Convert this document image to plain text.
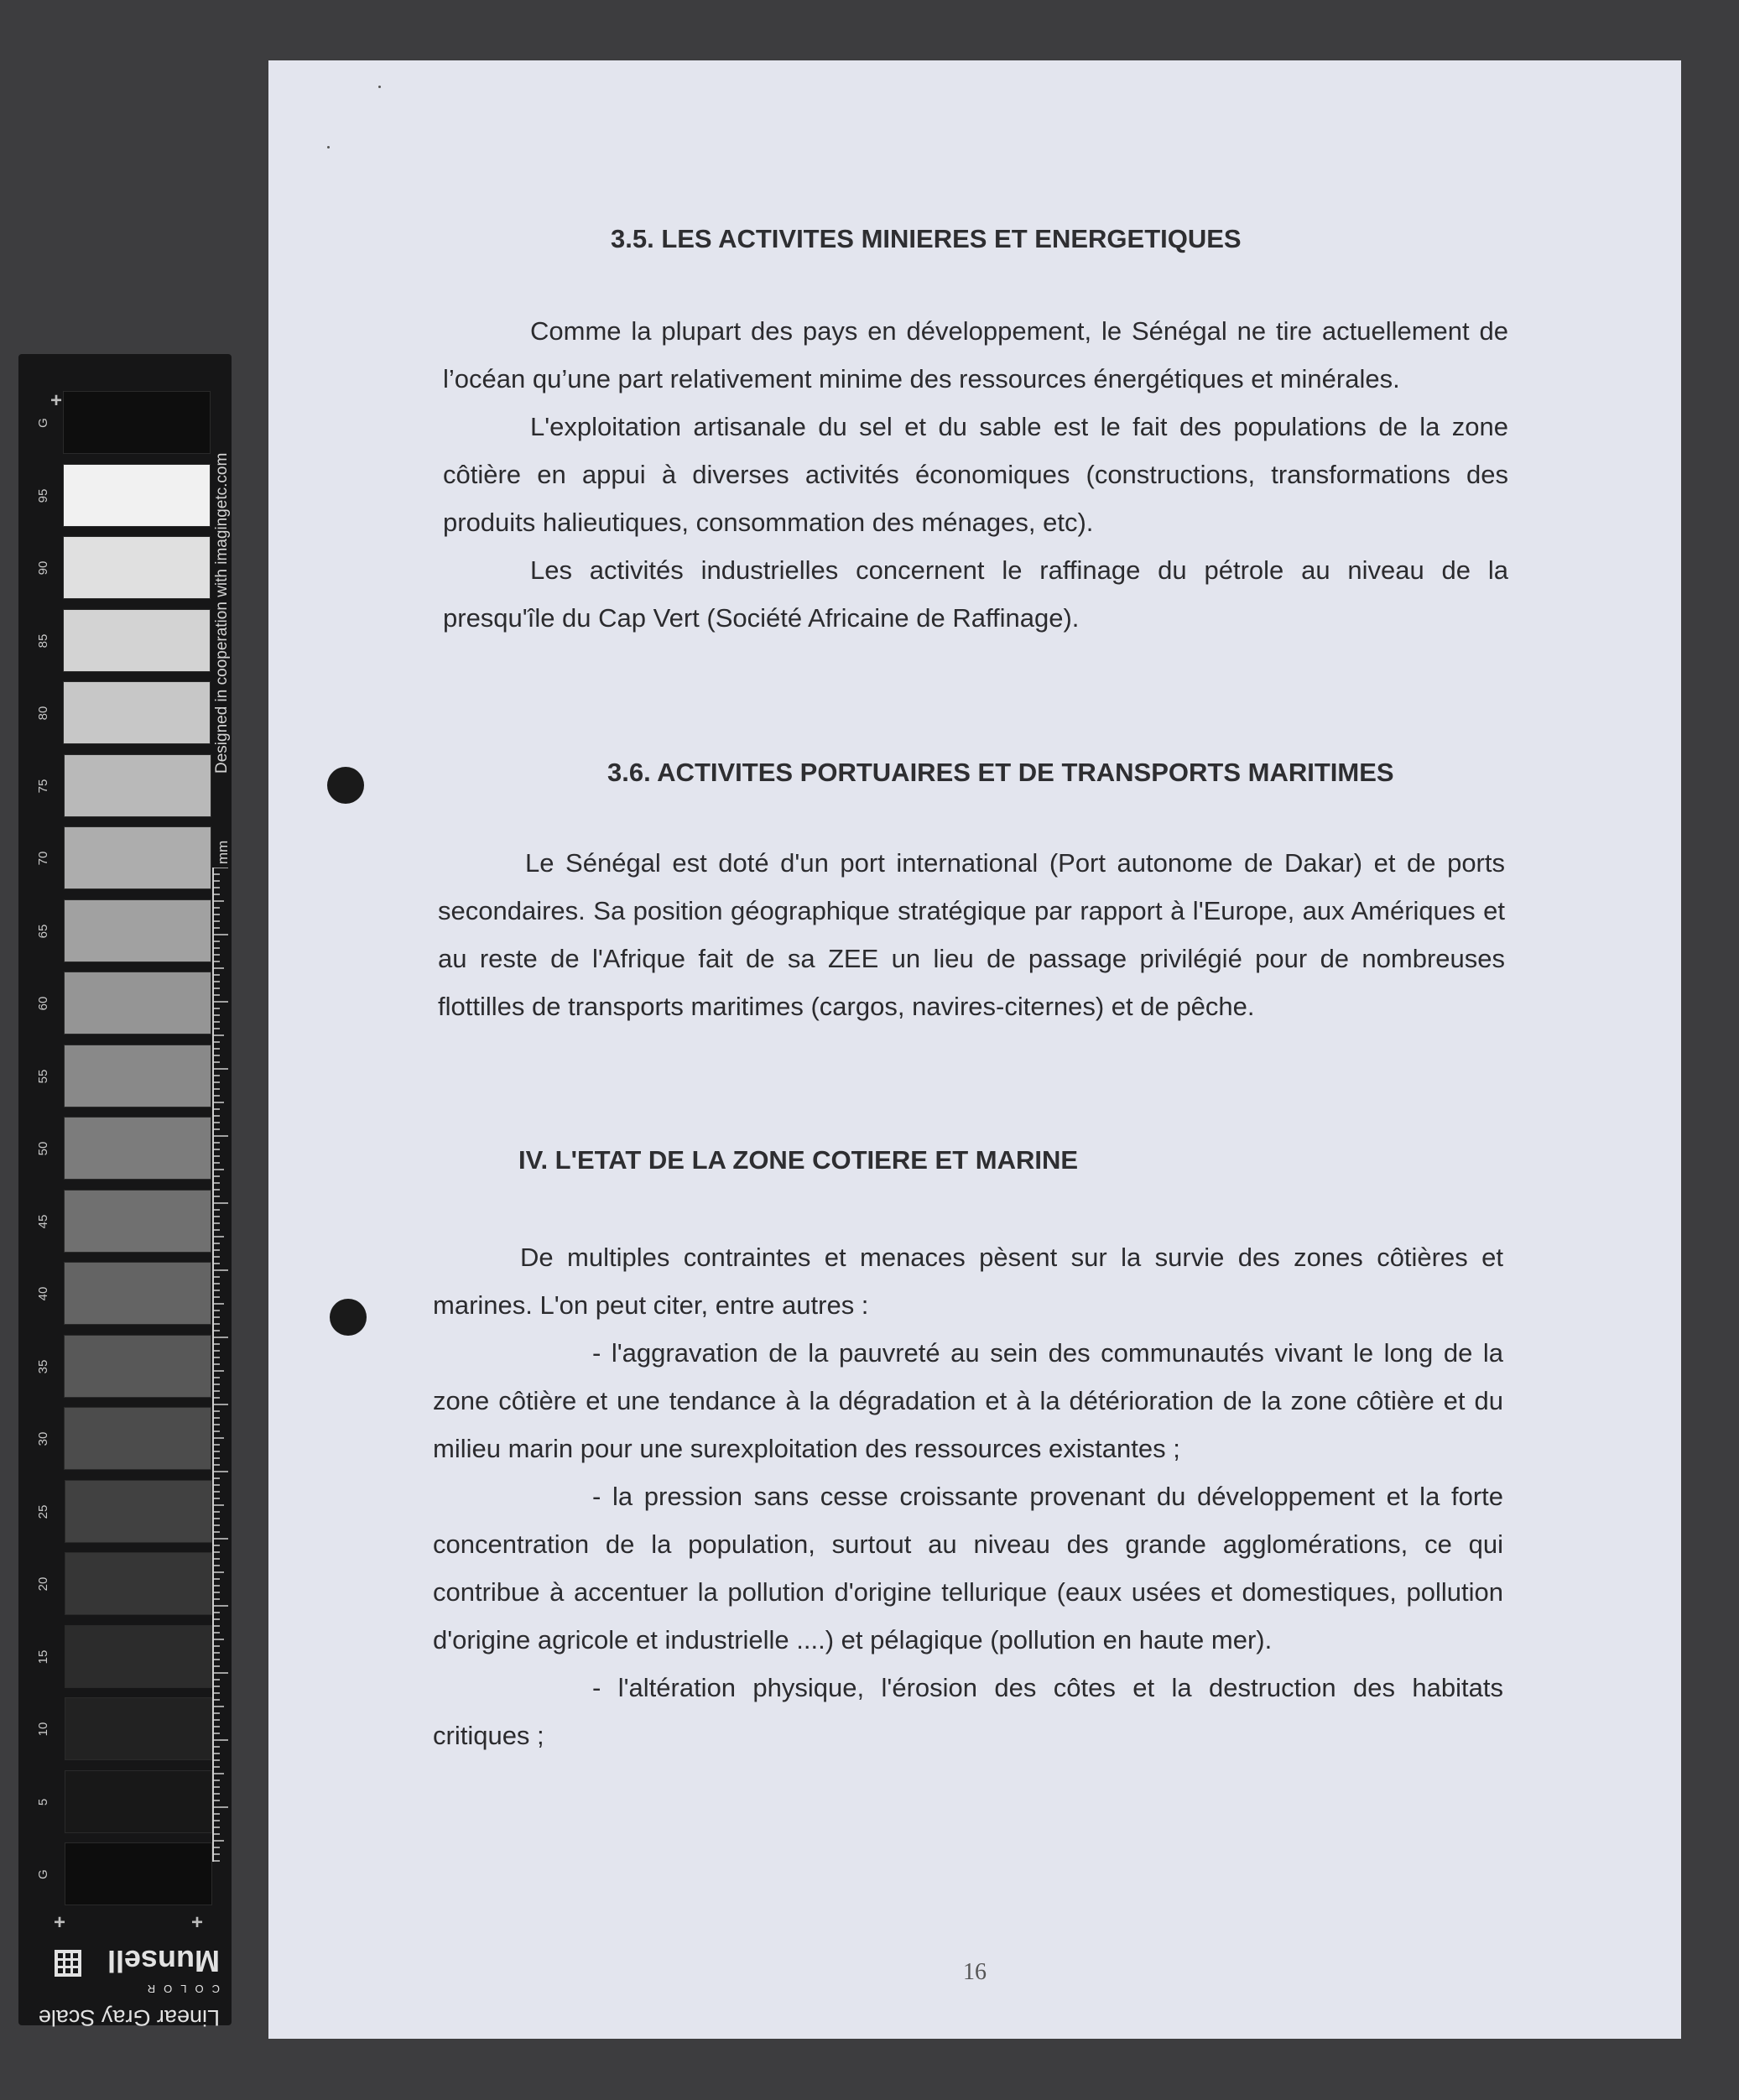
+
+	+
G
95
90
85
80
75
70
65
60
55
50
45
40
35
30
25
20
15
10
5
G
Designed in cooperation with imagingetc.com
mm
Linear Gray Scale
COLOR
Munsell
3.5. LES ACTIVITES MINIERES ET ENERGETIQUES

Comme la plupart des pays en développement, le Sénégal ne tire actuellement de l’océan qu’une part relativement minime des ressources énergétiques et minérales.

L'exploitation artisanale du sel et du sable est le fait des populations de la zone côtière en appui à diverses activités économiques (constructions, transformations des produits halieutiques, consommation des ménages, etc).

Les activités industrielles concernent le raffinage du pétrole au niveau de la presqu'île du Cap Vert (Société Africaine de Raffinage).

3.6. ACTIVITES PORTUAIRES ET DE TRANSPORTS MARITIMES

Le Sénégal est doté d'un port international (Port autonome de Dakar) et de ports secondaires. Sa position géographique stratégique par rapport à l'Europe, aux Amériques et au reste de l'Afrique fait de sa ZEE un lieu de passage privilégié pour de nombreuses flottilles de transports maritimes (cargos, navires-citernes) et de pêche.

IV. L'ETAT DE LA ZONE COTIERE ET MARINE

De multiples contraintes et menaces pèsent sur la survie des zones côtières et marines. L'on peut citer, entre autres :

- l'aggravation de la pauvreté au sein des communautés vivant le long de la zone côtière et une tendance à la dégradation et à la détérioration de la zone côtière et du milieu marin pour une surexploitation des ressources existantes ;

- la pression sans cesse croissante provenant du développement et la forte concentration de la population, surtout au niveau des grande agglomérations, ce qui contribue à accentuer la pollution d'origine tellurique (eaux usées et domestiques, pollution d'origine agricole et industrielle ....) et pélagique (pollution en haute mer).

- l'altération physique, l'érosion des côtes et la destruction des habitats critiques ;

16
